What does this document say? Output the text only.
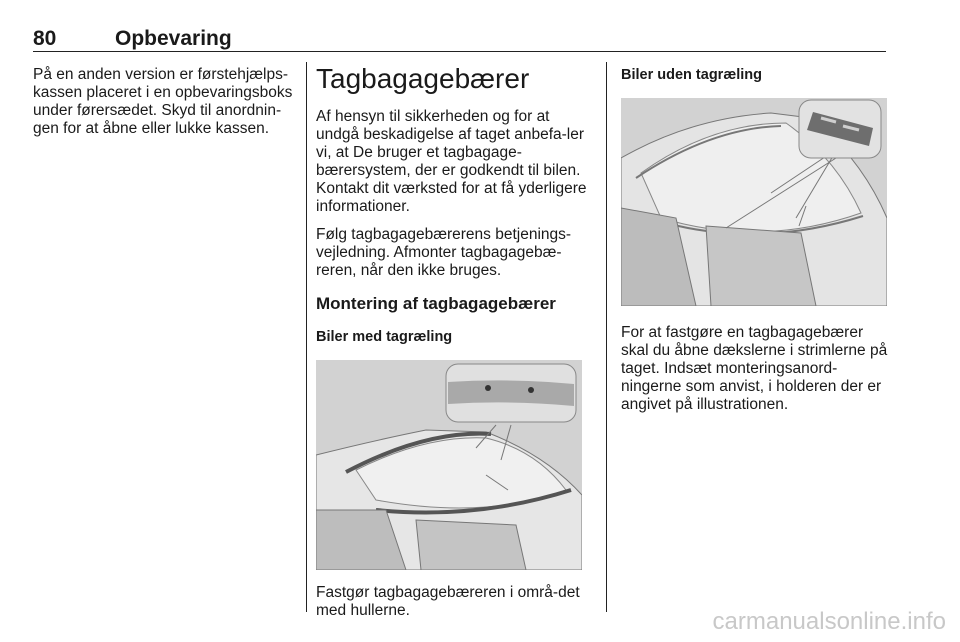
80	Opbevaring

På en anden version er førstehjælps-kassen placeret i en opbevaringsboks under førersædet. Skyd til anordnin-gen for at åbne eller lukke kassen.

Tagbagagebærer

Af hensyn til sikkerheden og for at undgå beskadigelse af taget anbefa-ler vi, at De bruger et tagbagage-bærersystem, der er godkendt til bilen. Kontakt dit værksted for at få yderligere informationer.

Følg tagbagagebærerens betjenings-vejledning. Afmonter tagbagagebæ-reren, når den ikke bruges.

Montering af tagbagagebærer
Biler med tagræling

Fastgør tagbagagebæreren i områ-det med hullerne.

Biler uden tagræling

For at fastgøre en tagbagagebærer skal du åbne dækslerne i strimlerne på taget. Indsæt monteringsanord-ningerne som anvist, i holderen der er angivet på illustrationen.

carmanualsonline.info
